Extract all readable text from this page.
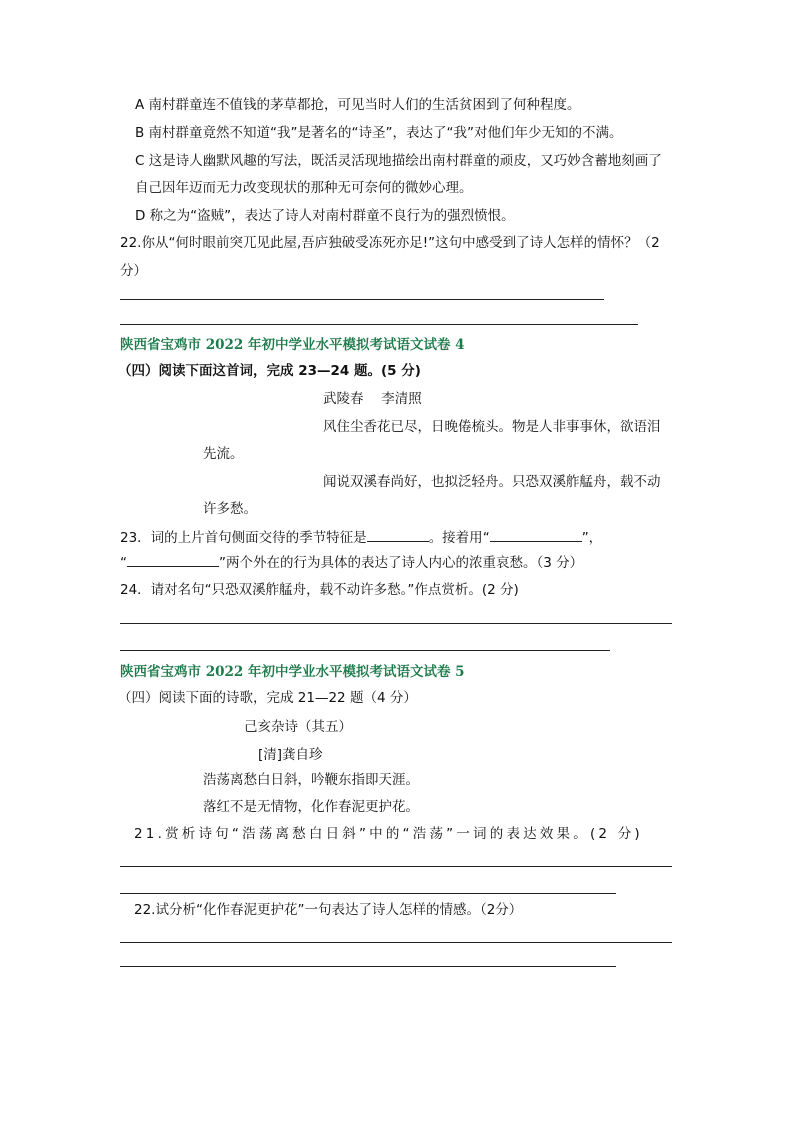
A 南村群童连不值钱的茅草都抢，可见当时人们的生活贫困到了何种程度。
B 南村群童竟然不知道“我”是著名的“诗圣”，表达了“我”对他们年少无知的不满。
C 这是诗人幽默风趣的写法，既活灵活现地描绘出南村群童的顽皮，又巧妙含蓄地刻画了
自己因年迈而无力改变现状的那种无可奈何的微妙心理。
D 称之为“盗贼”，表达了诗人对南村群童不良行为的强烈愤恨。
22.你从“何时眼前突兀见此屋,吾庐独破受冻死亦足!”这句中感受到了诗人怎样的情怀？（2
分）
陕西省宝鸡市 2022 年初中学业水平模拟考试语文试卷 4
（四）阅读下面这首词，完成 23—24 题。(5 分)
武陵春　 李清照
风住尘香花已尽，日晚倦梳头。物是人非事事休，欲语泪
先流。
闻说双溪春尚好，也拟泛轻舟。只恐双溪舴艋舟，载不动
许多愁。
23．词的上片首句侧面交待的季节特征是	。接着用“	”，
“	”两个外在的行为具体的表达了诗人内心的浓重哀愁。（3 分）
24．请对名句“只恐双溪舴艋舟，载不动许多愁。”作点赏析。(2 分)
陕西省宝鸡市 2022 年初中学业水平模拟考试语文试卷 5
（四）阅读下面的诗歌，完成 21—22 题（4 分）
己亥杂诗（其五）
[清]龚自珍
浩荡离愁白日斜，吟鞭东指即天涯。
落红不是无情物，化作春泥更护花。
21.赏析诗句“浩荡离愁白日斜”中的“浩荡”一词的表达效果。(2 分)
22.试分析“化作春泥更护花”一句表达了诗人怎样的情感。（2分）
